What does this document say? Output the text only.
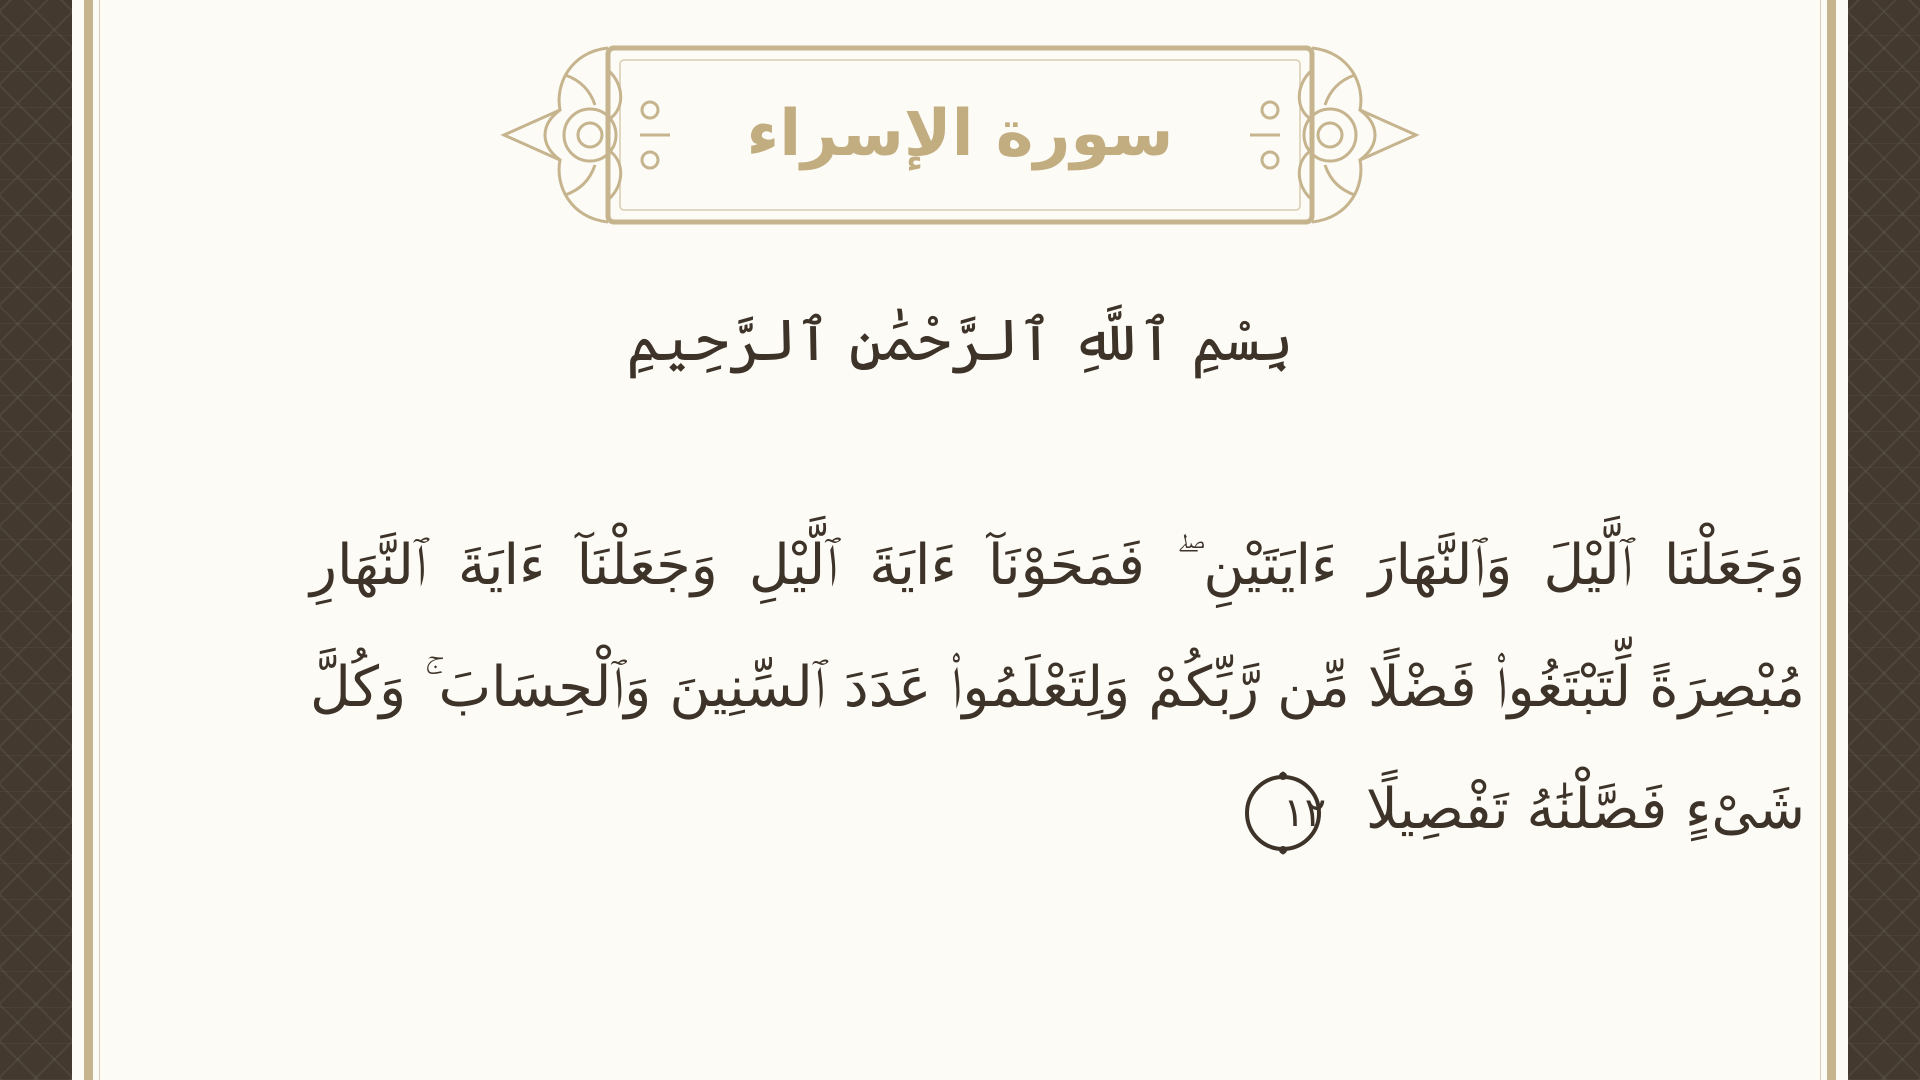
سورة الإسراء
بِسْمِ ٱللَّهِ ٱلرَّحْمَٰنِ ٱلرَّحِيمِ
وَجَعَلْنَا ٱلَّيْلَ وَٱلنَّهَارَ ءَايَتَيْنِ ۖ فَمَحَوْنَآ ءَايَةَ ٱلَّيْلِ وَجَعَلْنَآ ءَايَةَ ٱلنَّهَارِ مُبْصِرَةً لِّتَبْتَغُوا۟ فَضْلًا مِّن رَّبِّكُمْ وَلِتَعْلَمُوا۟ عَدَدَ ٱلسِّنِينَ وَٱلْحِسَابَ ۚ وَكُلَّ شَىْءٍ فَصَّلْنَٰهُ تَفْصِيلًا
١٢
